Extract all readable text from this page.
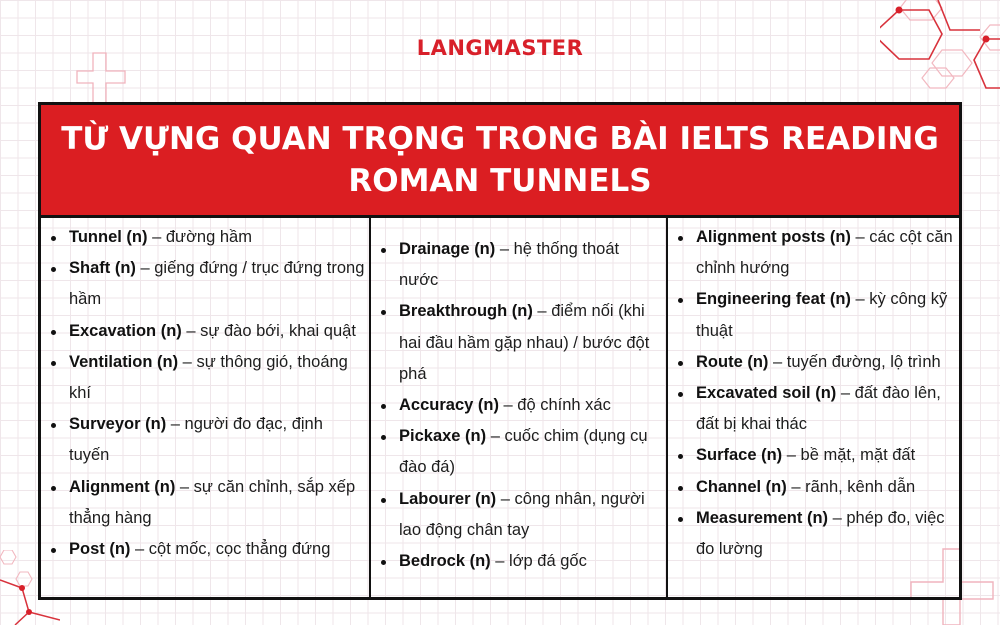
LANGMASTER
TỪ VỰNG QUAN TRỌNG TRONG BÀI IELTS READING
ROMAN TUNNELS
Tunnel (n) – đường hầm
Shaft (n) – giếng đứng / trục đứng trong hầm
Excavation (n) – sự đào bới, khai quật
Ventilation (n) – sự thông gió, thoáng khí
Surveyor (n) – người đo đạc, định tuyến
Alignment (n) – sự căn chỉnh, sắp xếp thẳng hàng
Post (n) – cột mốc, cọc thẳng đứng
Drainage (n) – hệ thống thoát nước
Breakthrough (n) – điểm nối (khi hai đầu hầm gặp nhau) / bước đột phá
Accuracy (n) – độ chính xác
Pickaxe (n) – cuốc chim (dụng cụ đào đá)
Labourer (n) – công nhân, người lao động chân tay
Bedrock (n) – lớp đá gốc
Alignment posts (n) – các cột căn chỉnh hướng
Engineering feat (n) – kỳ công kỹ thuật
Route (n) – tuyến đường, lộ trình
Excavated soil (n) – đất đào lên, đất bị khai thác
Surface (n) – bề mặt, mặt đất
Channel (n) – rãnh, kênh dẫn
Measurement (n) – phép đo, việc đo lường
